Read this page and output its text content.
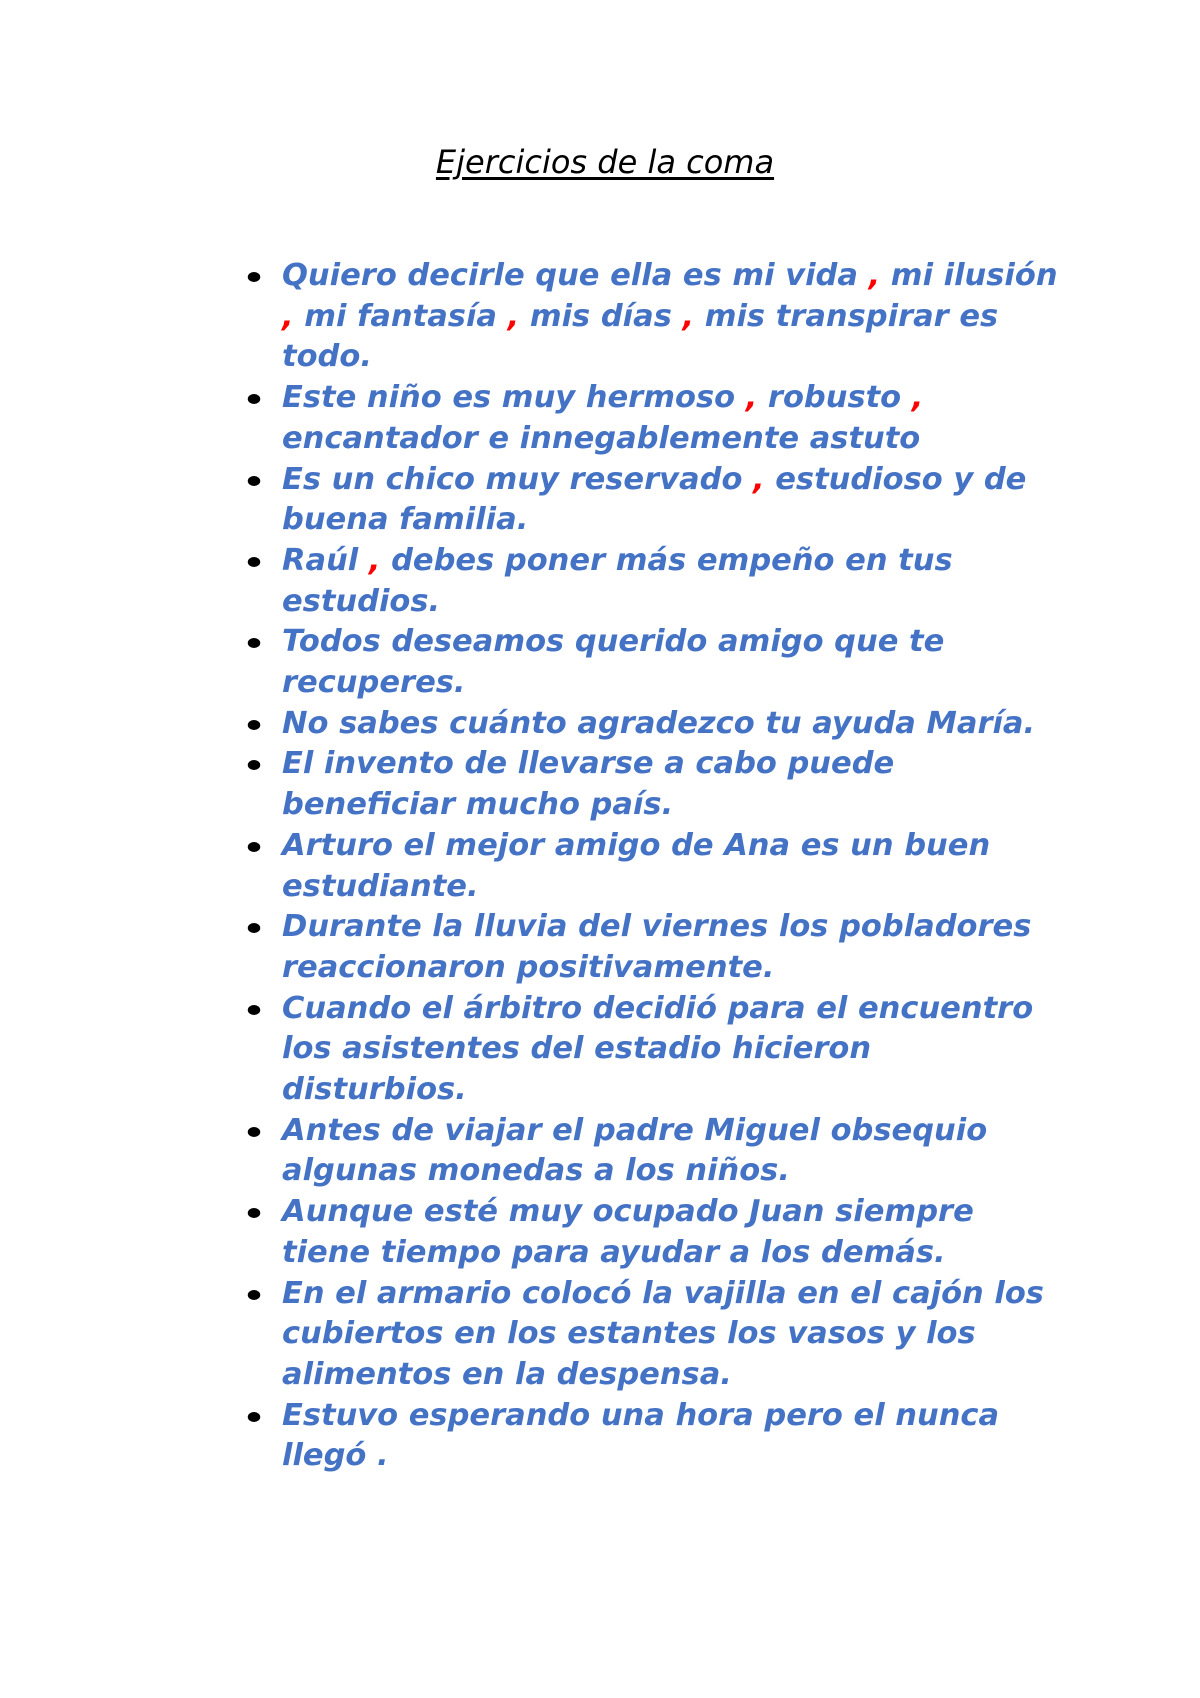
Ejercicios de la coma
Quiero decirle que ella es mi vida , mi ilusión , mi fantasía , mis días , mis transpirar es todo.
Este niño es muy hermoso , robusto , encantador e innegablemente astuto
Es un chico muy reservado , estudioso y de buena familia.
Raúl , debes poner más empeño en tus estudios.
Todos deseamos querido amigo que te recuperes.
No sabes cuánto agradezco tu ayuda María.
El invento de llevarse a cabo puede beneficiar mucho país.
Arturo el mejor amigo de Ana es un buen estudiante.
Durante la lluvia del viernes los pobladores reaccionaron positivamente.
Cuando el árbitro decidió para el encuentro los asistentes del estadio hicieron disturbios.
Antes de viajar el padre Miguel obsequio algunas monedas a los niños.
Aunque esté muy ocupado Juan siempre tiene tiempo para ayudar a los demás.
En el armario colocó la vajilla en el cajón los cubiertos en los estantes los vasos y los alimentos en la despensa.
Estuvo esperando una hora pero el nunca llegó .
